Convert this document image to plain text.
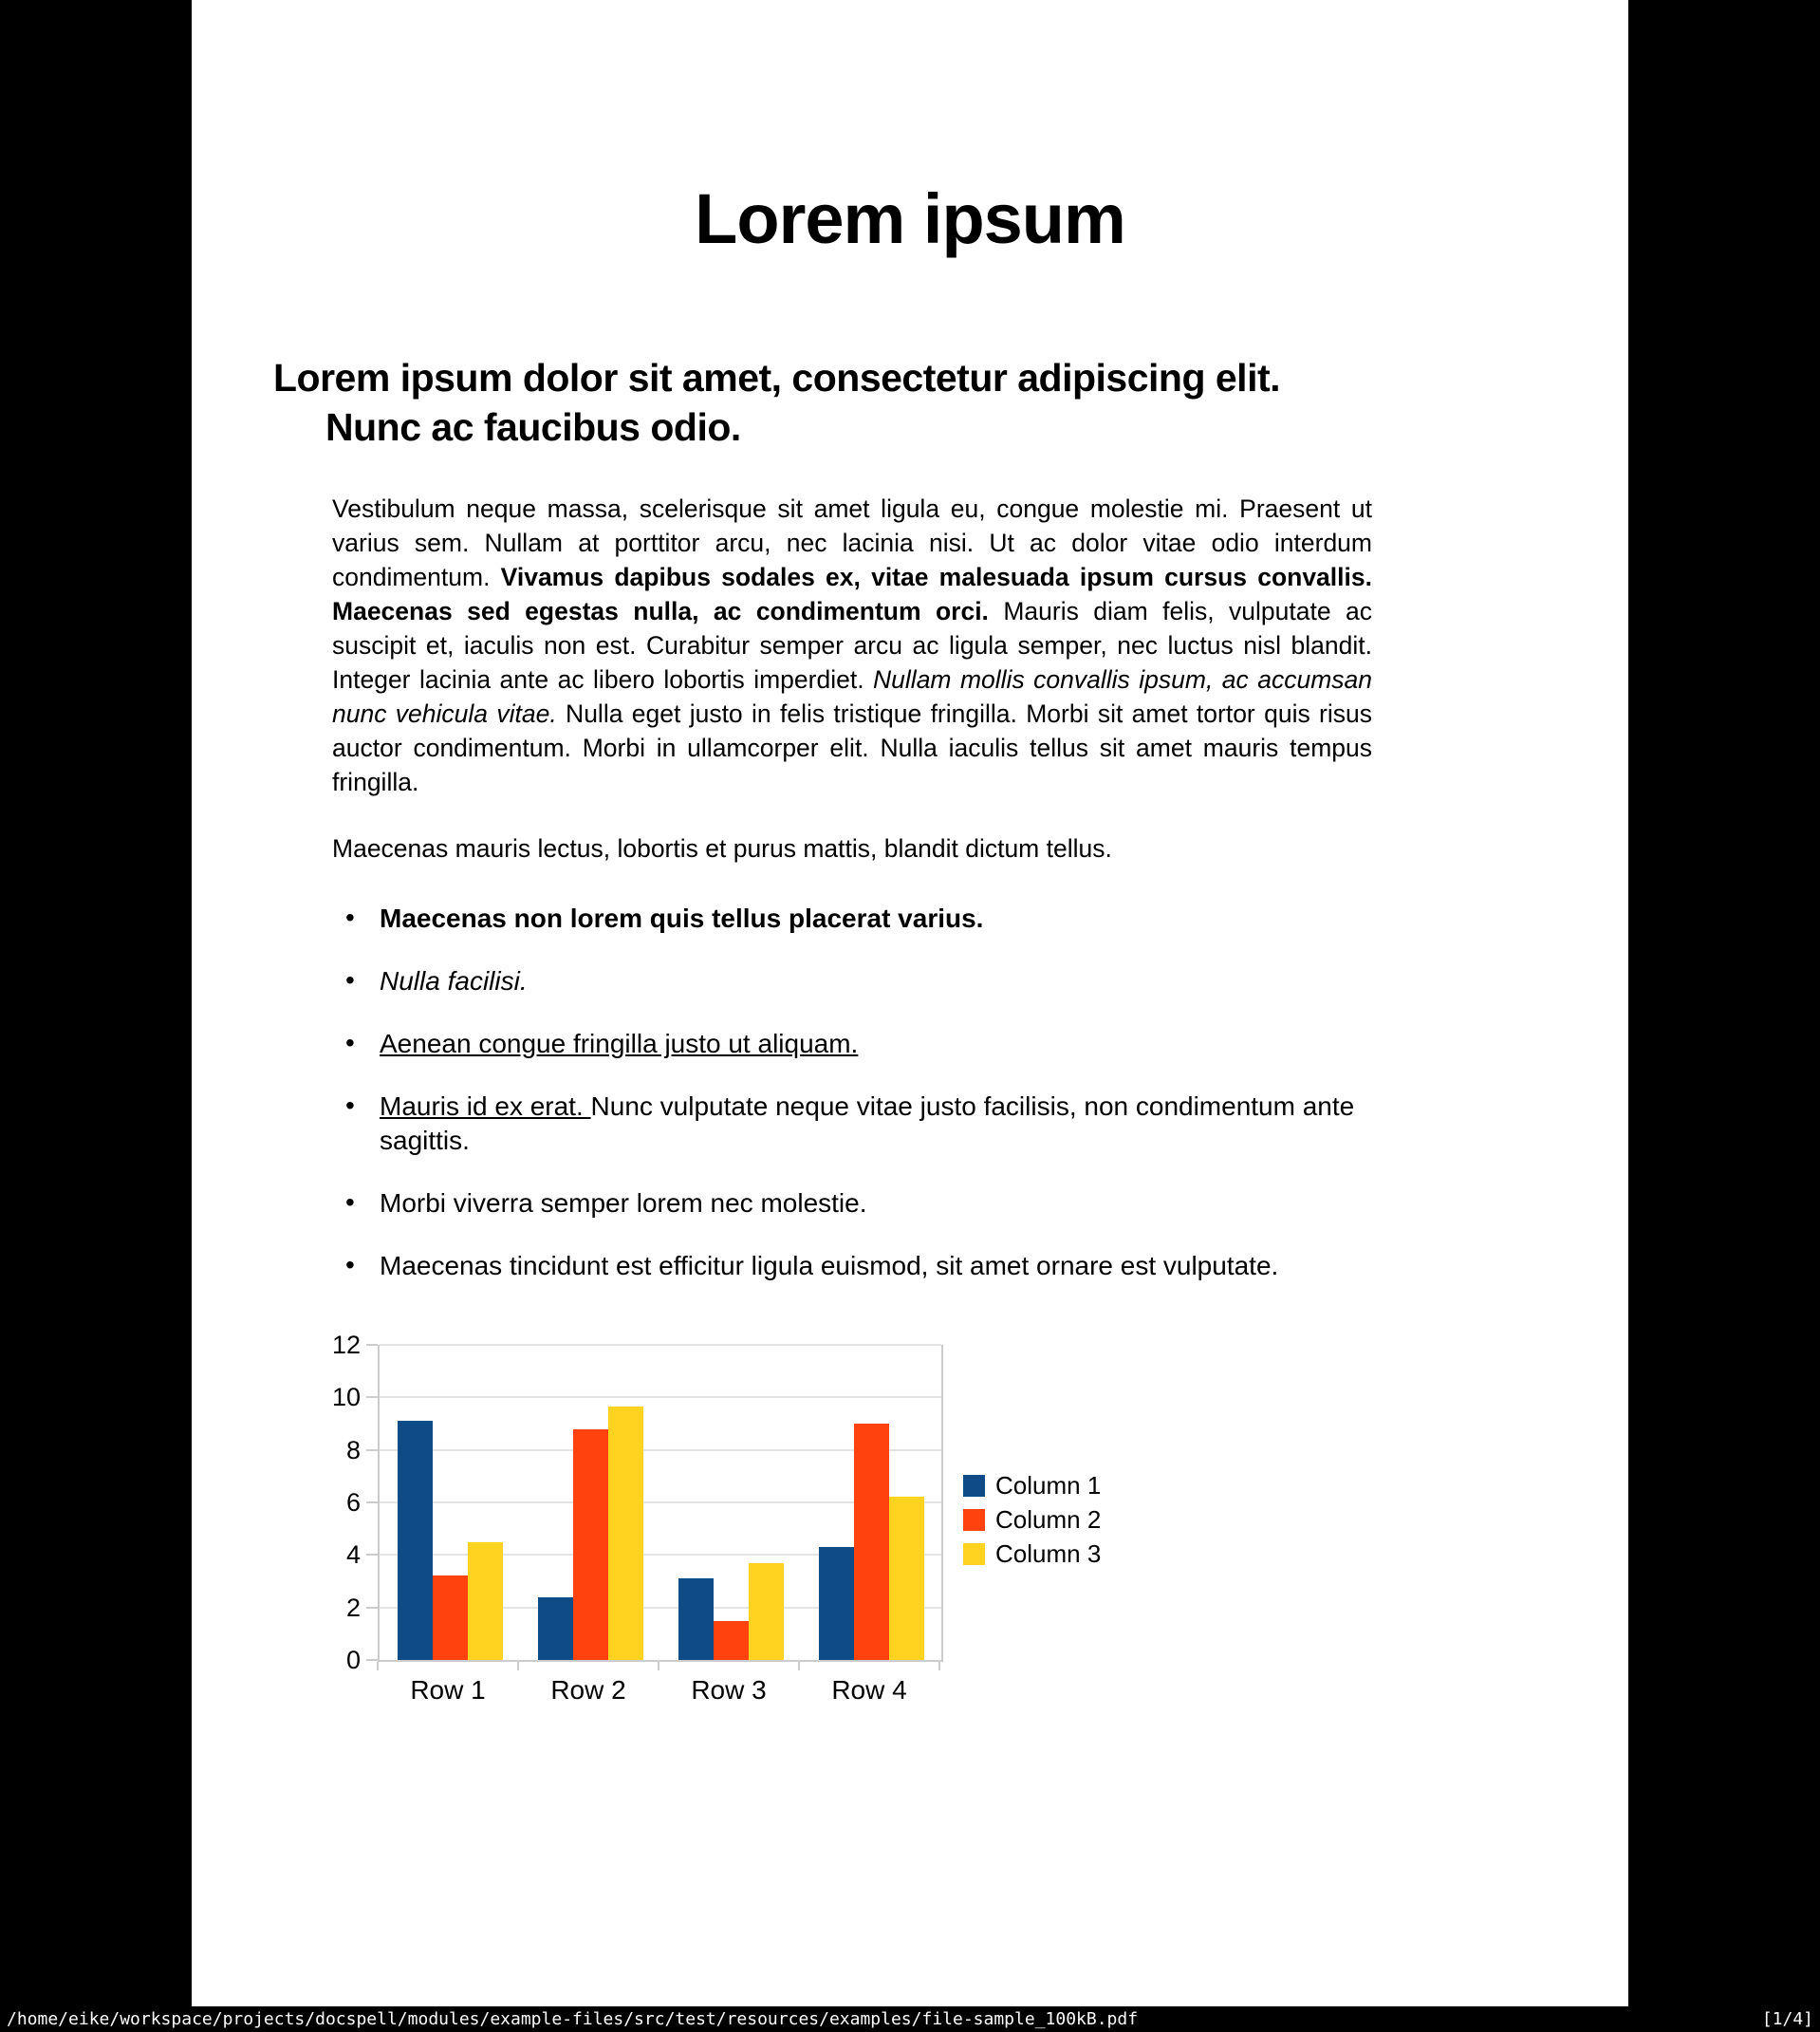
Lorem ipsum
Lorem ipsum dolor sit amet, consectetur adipiscing elit.
Nunc ac faucibus odio.
Vestibulum neque massa, scelerisque sit amet ligula eu, congue molestie mi. Praesent ut varius sem. Nullam at porttitor arcu, nec lacinia nisi. Ut ac dolor vitae odio interdum condimentum. Vivamus dapibus sodales ex, vitae malesuada ipsum cursus convallis. Maecenas sed egestas nulla, ac condimentum orci. Mauris diam felis, vulputate ac suscipit et, iaculis non est. Curabitur semper arcu ac ligula semper, nec luctus nisl blandit. Integer lacinia ante ac libero lobortis imperdiet. Nullam mollis convallis ipsum, ac accumsan nunc vehicula vitae. Nulla eget justo in felis tristique fringilla. Morbi sit amet tortor quis risus auctor condimentum. Morbi in ullamcorper elit. Nulla iaculis tellus sit amet mauris tempus fringilla.
Maecenas mauris lectus, lobortis et purus mattis, blandit dictum tellus.
• Maecenas non lorem quis tellus placerat varius.
• Nulla facilisi.
• Aenean congue fringilla justo ut aliquam.
• Mauris id ex erat. Nunc vulputate neque vitae justo facilisis, non condimentum ante sagittis.
• Morbi viverra semper lorem nec molestie.
• Maecenas tincidunt est efficitur ligula euismod, sit amet ornare est vulputate.
Column 1
Column 2
Column 3
0
2
4
6
8
10
12
Row 1	Row 2	Row 3	Row 4
/home/eike/workspace/projects/docspell/modules/example-files/src/test/resources/examples/file-sample_100kB.pdf	[1/4]
